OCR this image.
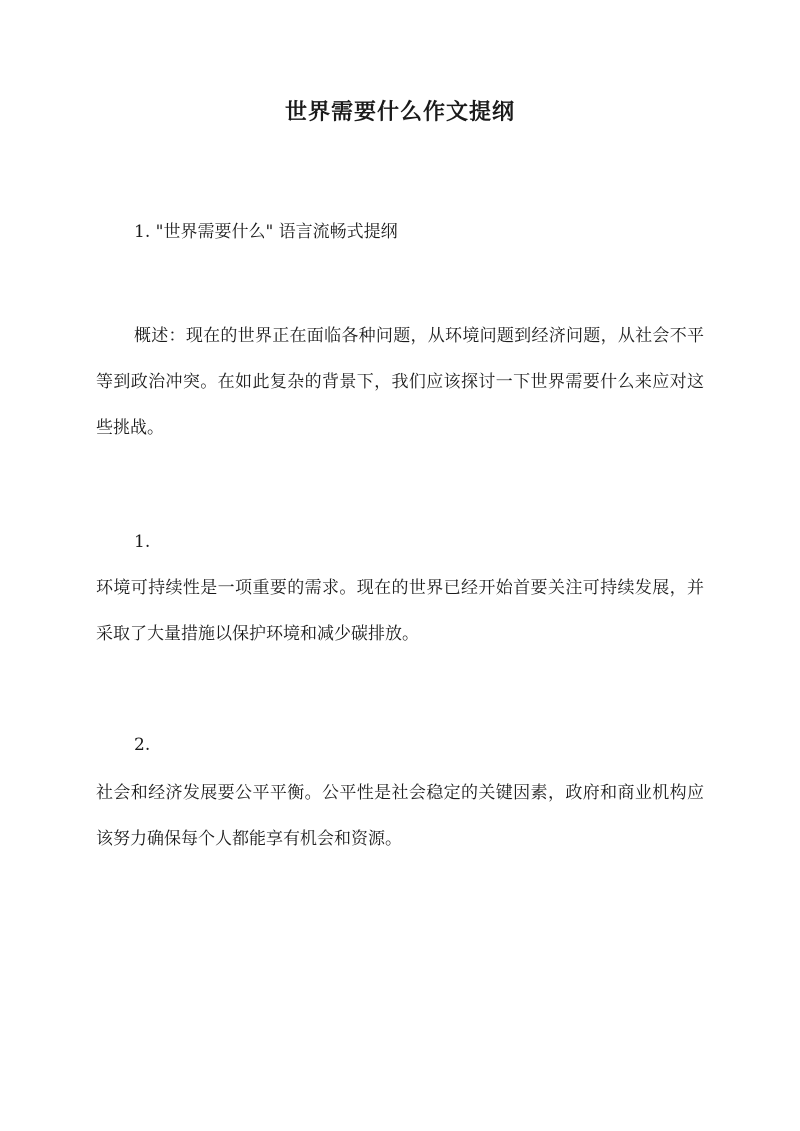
世界需要什么作文提纲
1. "世界需要什么" 语言流畅式提纲

概述：现在的世界正在面临各种问题，从环境问题到经济问题，从社会不平等到政治冲突。在如此复杂的背景下，我们应该探讨一下世界需要什么来应对这些挑战。

1.

环境可持续性是一项重要的需求。现在的世界已经开始首要关注可持续发展，并采取了大量措施以保护环境和减少碳排放。

2.

社会和经济发展要公平平衡。公平性是社会稳定的关键因素，政府和商业机构应该努力确保每个人都能享有机会和资源。
